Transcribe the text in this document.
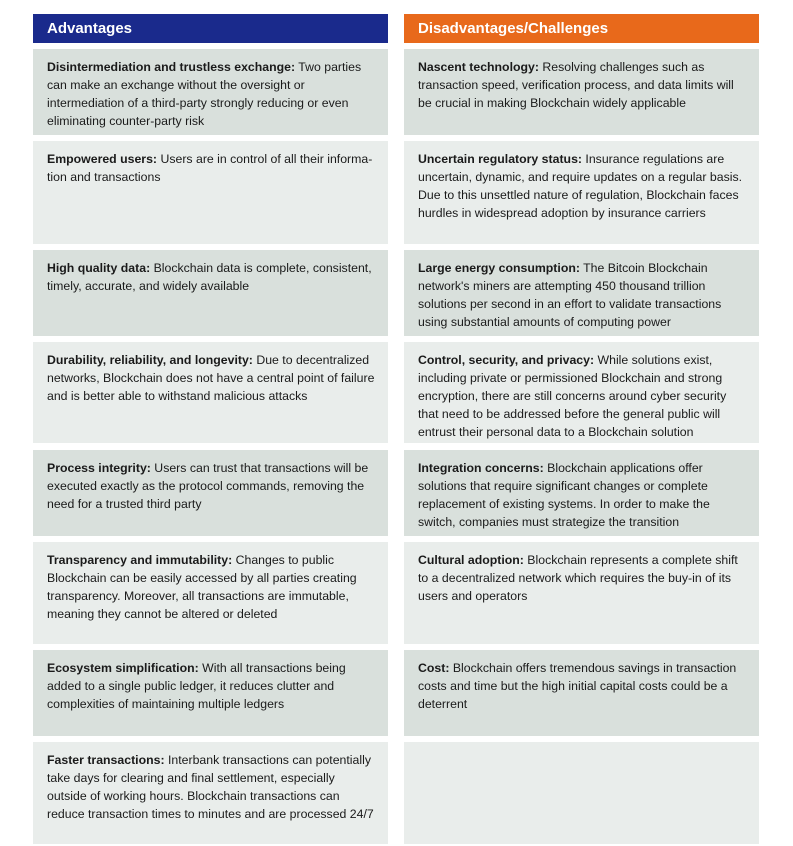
Advantages
Disintermediation and trustless exchange: Two parties can make an exchange without the oversight or intermediation of a third-party strongly reducing or even eliminating counter-party risk
Empowered users: Users are in control of all their informa-tion and transactions
High quality data: Blockchain data is complete, consistent, timely, accurate, and widely available
Durability, reliability, and longevity: Due to decentralized networks, Blockchain does not have a central point of failure and is better able to withstand malicious attacks
Process integrity: Users can trust that transactions will be executed exactly as the protocol commands, removing the need for a trusted third party
Transparency and immutability: Changes to public Blockchain can be easily accessed by all parties creating transparency. Moreover, all transactions are immutable, meaning they cannot be altered or deleted
Ecosystem simplification: With all transactions being added to a single public ledger, it reduces clutter and complexities of maintaining multiple ledgers
Faster transactions: Interbank transactions can potentially take days for clearing and final settlement, especially outside of working hours. Blockchain transactions can reduce transaction times to minutes and are processed 24/7
Disadvantages/Challenges
Nascent technology: Resolving challenges such as transaction speed, verification process, and data limits will be crucial in making Blockchain widely applicable
Uncertain regulatory status: Insurance regulations are uncertain, dynamic, and require updates on a regular basis. Due to this unsettled nature of regulation, Blockchain faces hurdles in widespread adoption by insurance carriers
Large energy consumption: The Bitcoin Blockchain network's miners are attempting 450 thousand trillion solutions per second in an effort to validate transactions using substantial amounts of computing power
Control, security, and privacy: While solutions exist, including private or permissioned Blockchain and strong encryption, there are still concerns around cyber security that need to be addressed before the general public will entrust their personal data to a Blockchain solution
Integration concerns: Blockchain applications offer solutions that require significant changes or complete replacement of existing systems. In order to make the switch, companies must strategize the transition
Cultural adoption: Blockchain represents a complete shift to a decentralized network which requires the buy-in of its users and operators
Cost: Blockchain offers tremendous savings in transaction costs and time but the high initial capital costs could be a deterrent
